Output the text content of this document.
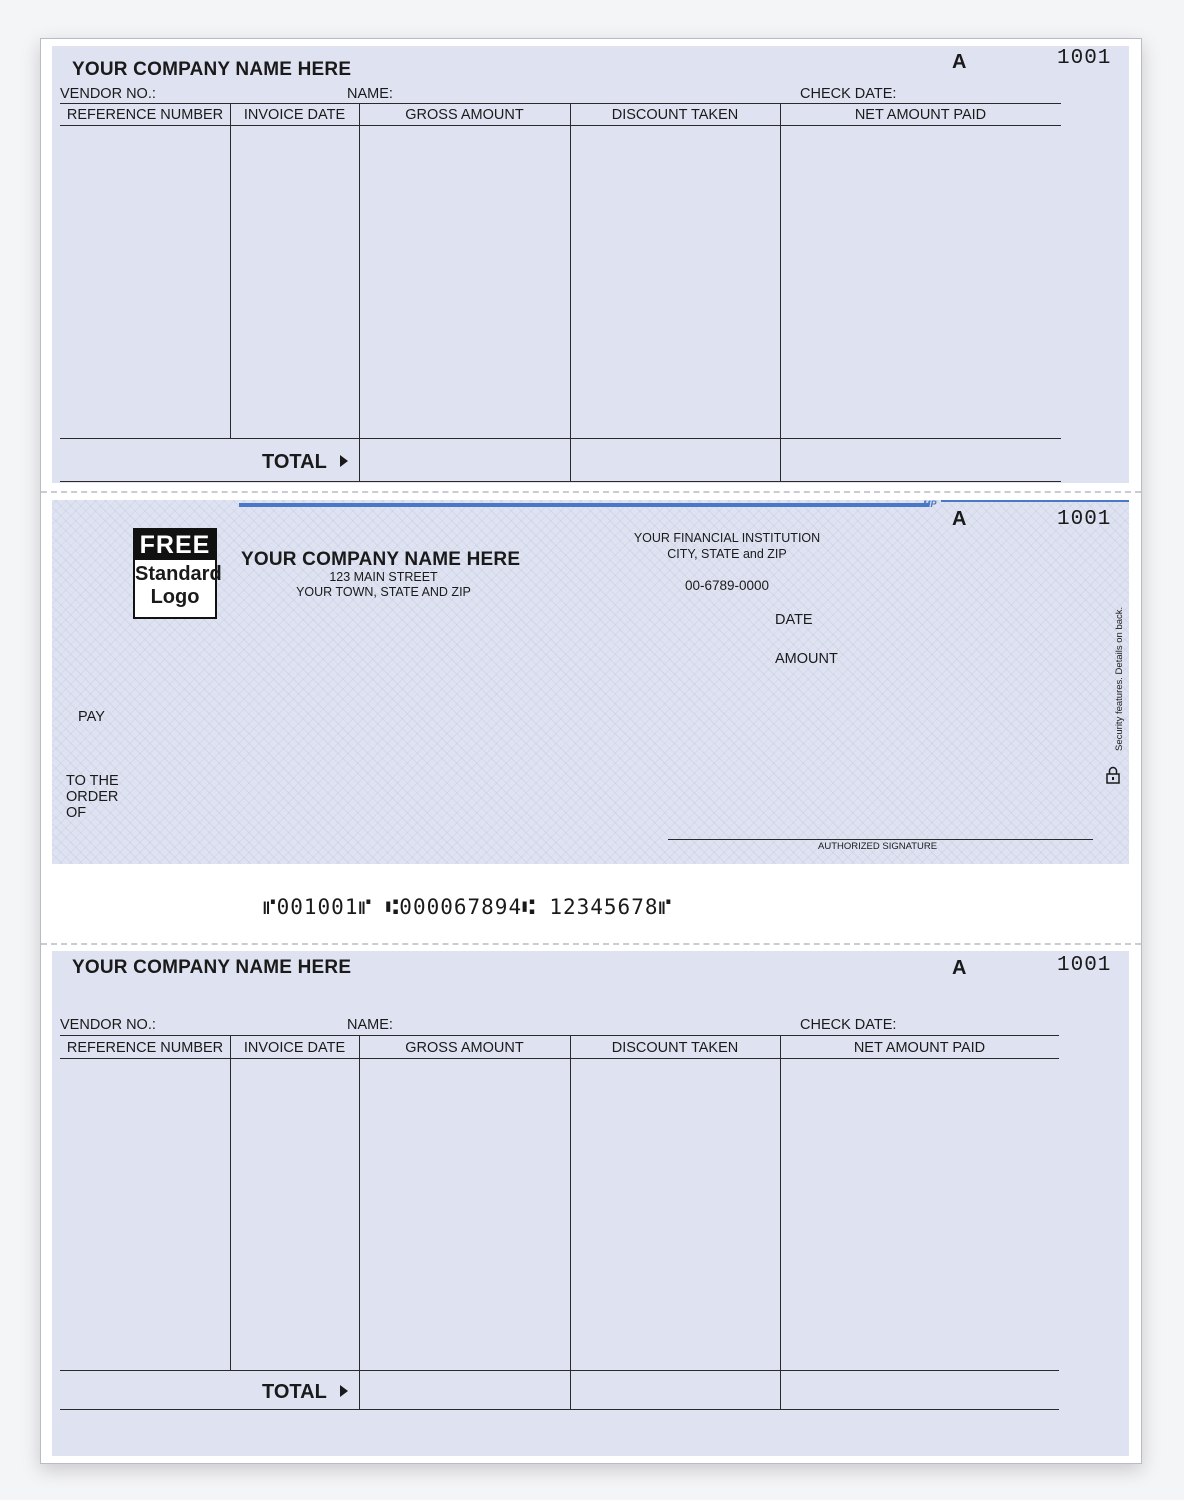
YOUR COMPANY NAME HERE	A	1001
VENDOR NO.:	NAME:	CHECK DATE:
REFERENCE NUMBER	INVOICE DATE	GROSS AMOUNT	DISCOUNT TAKEN	NET AMOUNT PAID
TOTAL
MP
A	1001
FREE
Standard
Logo
YOUR COMPANY NAME HERE
123 MAIN STREET
YOUR TOWN, STATE AND ZIP
YOUR FINANCIAL INSTITUTION
CITY, STATE and ZIP
00-6789-0000
DATE
AMOUNT
PAY
TO THE
ORDER
OF
AUTHORIZED SIGNATURE
Security features. Details on back.
⑈001001⑈ ⑆000067894⑆ 12345678⑈
YOUR COMPANY NAME HERE	A	1001
VENDOR NO.:	NAME:	CHECK DATE:
REFERENCE NUMBER	INVOICE DATE	GROSS AMOUNT	DISCOUNT TAKEN	NET AMOUNT PAID
TOTAL
